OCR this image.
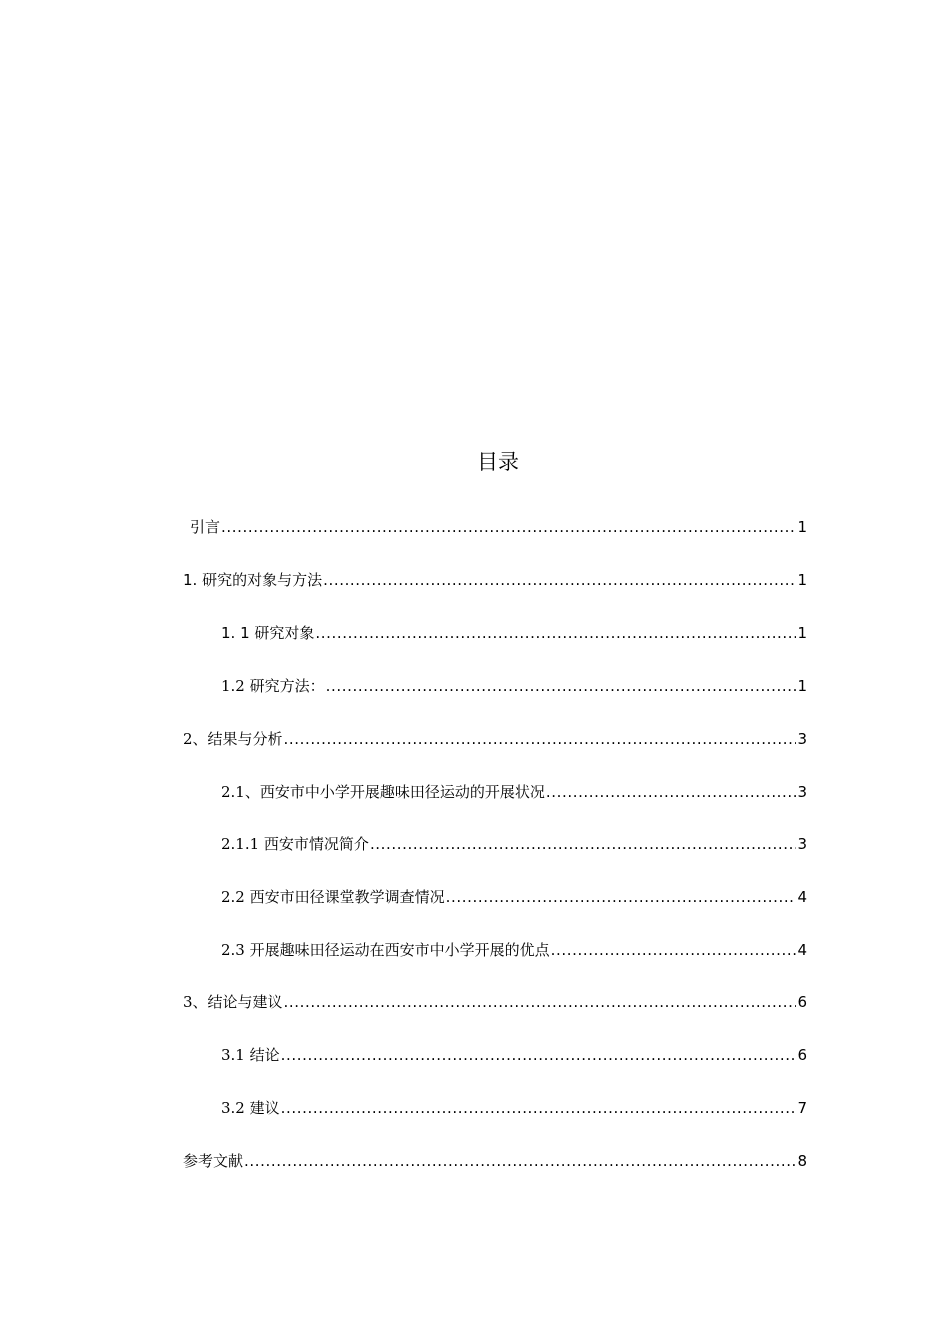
目录
引言 .....	1
1. 研究的对象与方法 .....	1
1. 1 研究对象 .....	1
1.2 研究方法： .....	1
2、结果与分析 .....	3
2.1、西安市中小学开展趣味田径运动的开展状况 .....	3
2.1.1 西安市情况简介 .....	3
2.2 西安市田径课堂教学调查情况 .....	4
2.3 开展趣味田径运动在西安市中小学开展的优点 .....	4
3、结论与建议 .....	6
3.1 结论 .....	6
3.2 建议 .....	7
参考文献 .....	8
